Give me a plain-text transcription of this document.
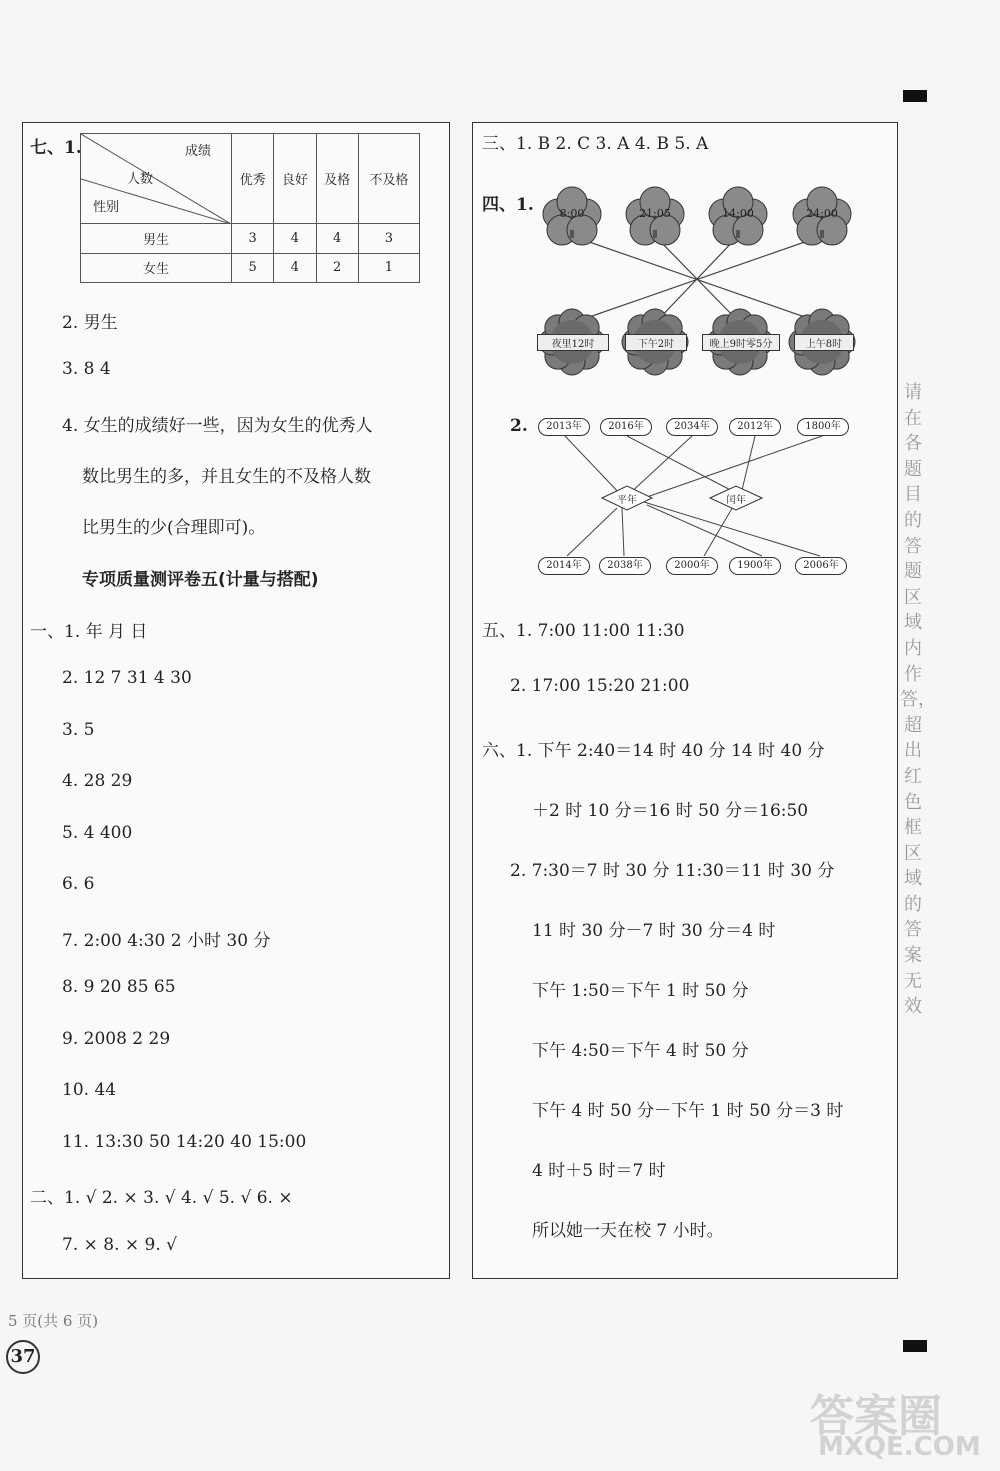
七、1.	成绩
人数
性别	优秀	良好	及格	不及格
男生	3	4	4	3
女生	5	4	2	1
2. 男生
3. 8 4
4. 女生的成绩好一些，因为女生的优秀人
数比男生的多，并且女生的不及格人数
比男生的少(合理即可)。
专项质量测评卷五(计量与搭配)
一、1. 年 月 日
2. 12 7 31 4 30
3. 5
4. 28 29
5. 4 400
6. 6
7. 2:00 4:30 2 小时 30 分
8. 9 20 85 65
9. 2008 2 29
10. 44
11. 13:30 50 14:20 40 15:00
二、1. √ 2. × 3. √ 4. √ 5. √ 6. ×
7. × 8. × 9. √
三、1. B 2. C 3. A 4. B 5. A
四、1.	8:00	21:05	14:00	24:00
夜里12时	下午2时	晚上9时零5分	上午8时
2.	2013年	2016年	2034年	2012年	1800年
平年	闰年
2014年	2038年	2000年	1900年	2006年
五、1. 7:00 11:00 11:30
2. 17:00 15:20 21:00
六、1. 下午 2:40＝14 时 40 分 14 时 40 分
＋2 时 10 分＝16 时 50 分＝16:50
2. 7:30＝7 时 30 分 11:30＝11 时 30 分
11 时 30 分－7 时 30 分＝4 时
下午 1:50＝下午 1 时 50 分
下午 4:50＝下午 4 时 50 分
下午 4 时 50 分－下午 1 时 50 分＝3 时
4 时＋5 时＝7 时
所以她一天在校 7 小时。
请在各题目的答题区域内作答，超出红色框区域的答案无效
5 页(共 6 页)
37
答案圈
MXQE.COM
